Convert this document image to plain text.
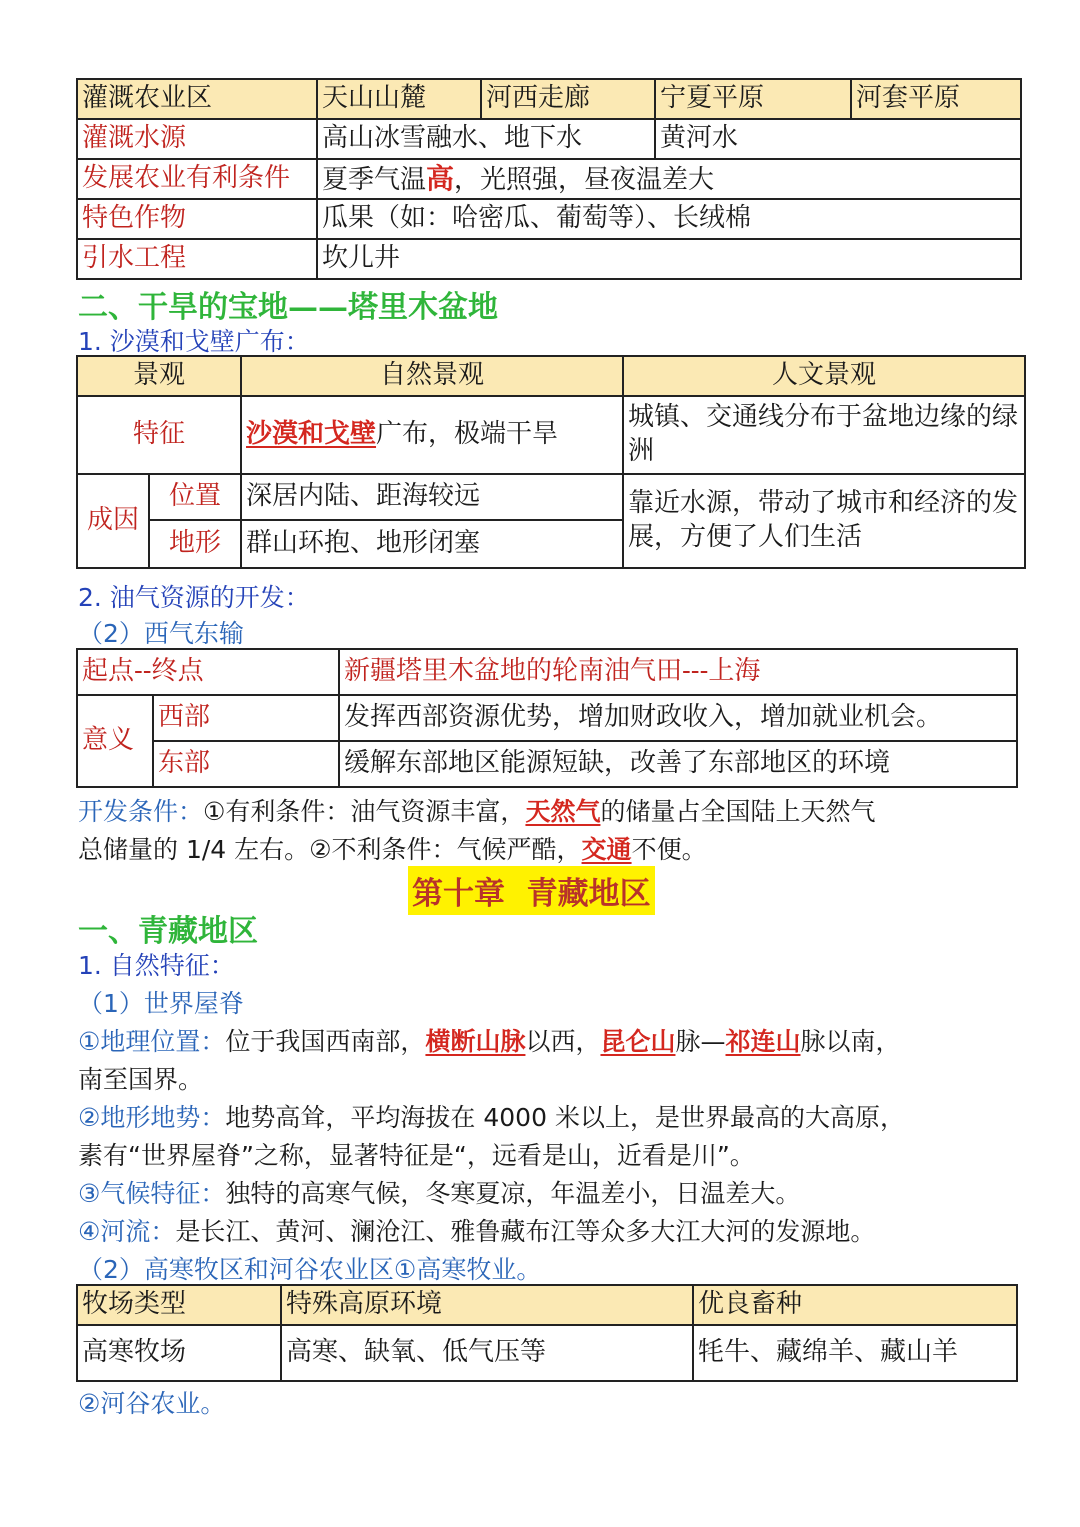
灌溉农业区	天山山麓	河西走廊	宁夏平原	河套平原
灌溉水源	高山冰雪融水、地下水		黄河水	
发展农业有利条件	夏季气温高，光照强，昼夜温差大			
特色作物	瓜果（如：哈密瓜、葡萄等）、长绒棉			
引水工程	坎儿井			
二、干旱的宝地——塔里木盆地
1. 沙漠和戈壁广布：
景观		自然景观	人文景观
特征		沙漠和戈壁广布，极端干旱	城镇、交通线分布于盆地边缘的绿洲
成因	位置	深居内陆、距海较远	靠近水源，带动了城市和经济的发展，方便了人们生活
	地形	群山环抱、地形闭塞	
2. 油气资源的开发：
（2）西气东输
起点--终点		新疆塔里木盆地的轮南油气田---上海
意义	西部	发挥西部资源优势，增加财政收入，增加就业机会。
	东部	缓解东部地区能源短缺，改善了东部地区的环境
开发条件：①有利条件：油气资源丰富，天然气的储量占全国陆上天然气
总储量的 1/4 左右。②不利条件：气候严酷，交通不便。
第十章  青藏地区
一、青藏地区
1. 自然特征：
（1）世界屋脊
①地理位置：位于我国西南部，横断山脉以西，昆仑山脉—祁连山脉以南，
南至国界。
②地形地势：地势高耸，平均海拔在 4000 米以上，是世界最高的大高原，
素有“世界屋脊”之称，显著特征是“，远看是山，近看是川”。
③气候特征：独特的高寒气候，冬寒夏凉，年温差小，日温差大。
④河流：是长江、黄河、澜沧江、雅鲁藏布江等众多大江大河的发源地。
（2）高寒牧区和河谷农业区①高寒牧业。
牧场类型	特殊高原环境	优良畜种
高寒牧场	高寒、缺氧、低气压等	牦牛、藏绵羊、藏山羊
②河谷农业。
